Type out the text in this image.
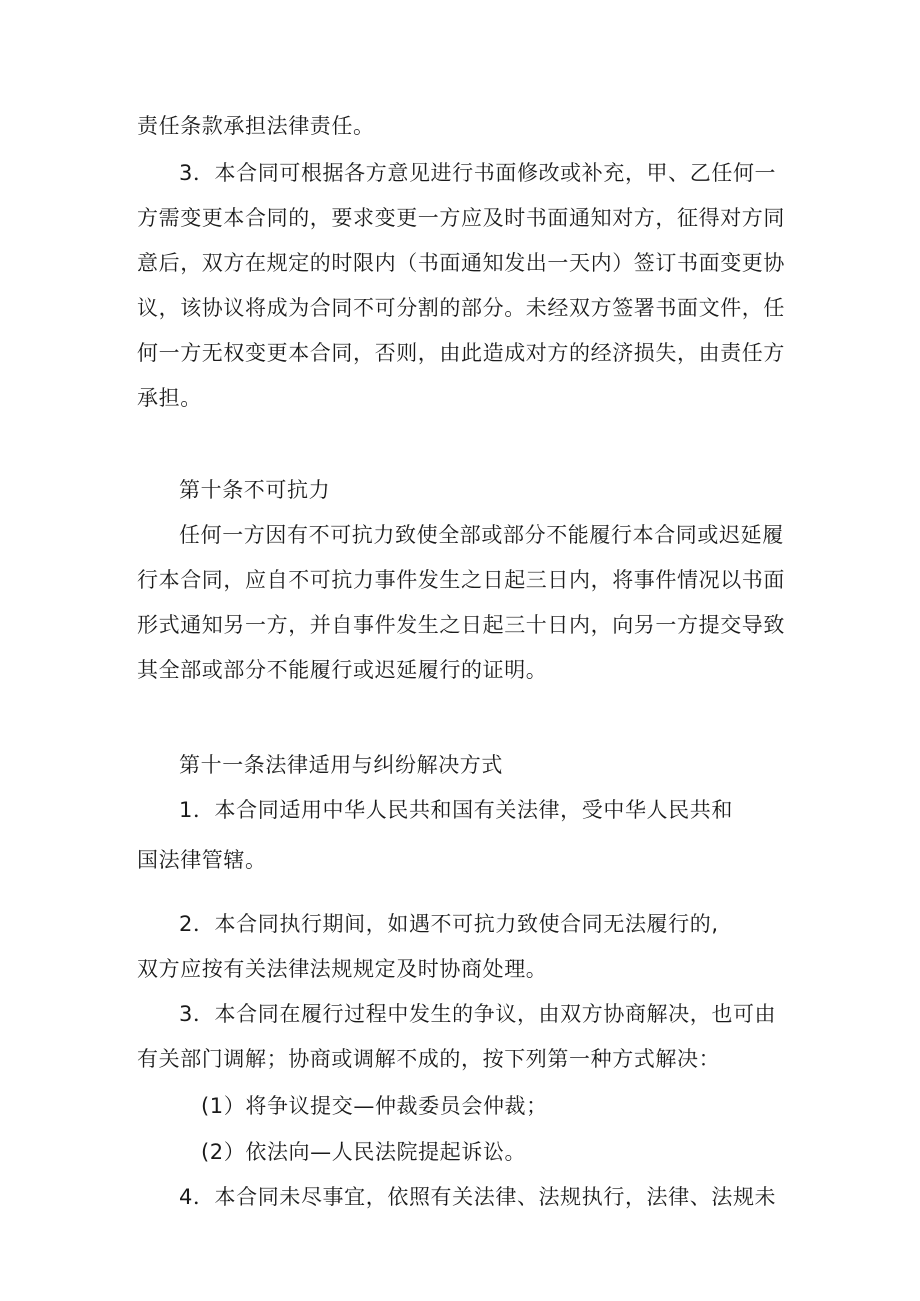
责任条款承担法律责任。
3．本合同可根据各方意见进行书面修改或补充，甲、乙任何一
方需变更本合同的，要求变更一方应及时书面通知对方，征得对方同
意后，双方在规定的时限内（书面通知发出一天内）签订书面变更协
议，该协议将成为合同不可分割的部分。未经双方签署书面文件，任
何一方无权变更本合同，否则，由此造成对方的经济损失，由责任方
承担。
第十条不可抗力
任何一方因有不可抗力致使全部或部分不能履行本合同或迟延履
行本合同，应自不可抗力事件发生之日起三日内，将事件情况以书面
形式通知另一方，并自事件发生之日起三十日内，向另一方提交导致
其全部或部分不能履行或迟延履行的证明。
第十一条法律适用与纠纷解决方式
1．本合同适用中华人民共和国有关法律，受中华人民共和
国法律管辖。
2．本合同执行期间，如遇不可抗力致使合同无法履行的,
双方应按有关法律法规规定及时协商处理。
3．本合同在履行过程中发生的争议，由双方协商解决，也可由
有关部门调解；协商或调解不成的，按下列第一种方式解决：
(1）将争议提交—仲裁委员会仲裁；
(2）依法向—人民法院提起诉讼。
4．本合同未尽事宜，依照有关法律、法规执行，法律、法规未
